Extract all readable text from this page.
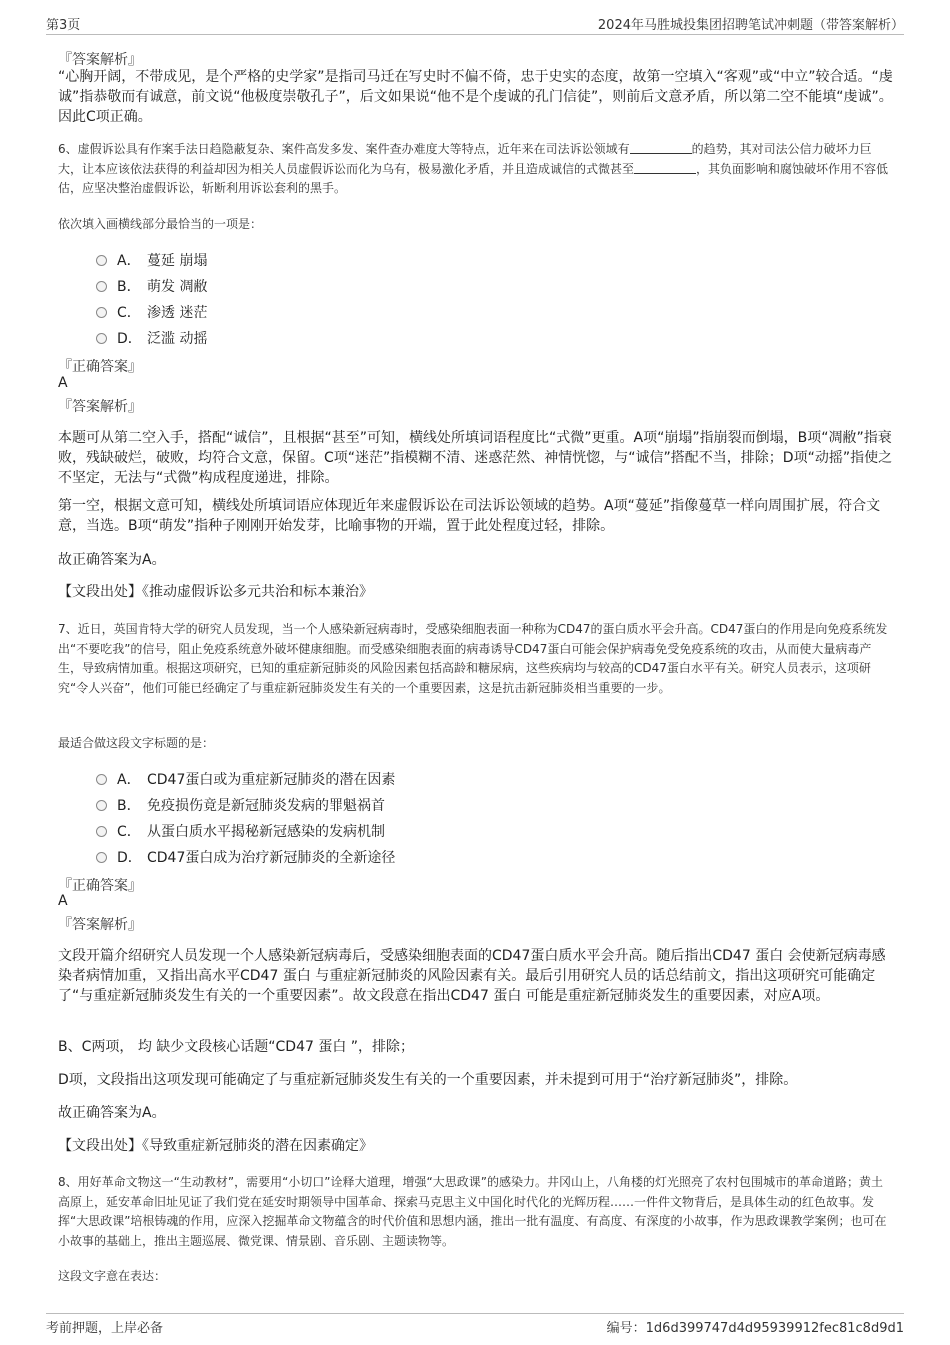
第3页	2024年马胜城投集团招聘笔试冲刺题（带答案解析）
『答案解析』
“心胸开阔，不带成见，是个严格的史学家”是指司马迁在写史时不偏不倚，忠于史实的态度，故第一空填入“客观”或“中立”较合适。“虔诚”指恭敬而有诚意，前文说“他极度崇敬孔子”，后文如果说“他不是个虔诚的孔门信徒”，则前后文意矛盾，所以第二空不能填“虔诚”。因此C项正确。
6、虚假诉讼具有作案手法日趋隐蔽复杂、案件高发多发、案件查办难度大等特点，近年来在司法诉讼领域有	的趋势，其对司法公信力破坏力巨大，让本应该依法获得的利益却因为相关人员虚假诉讼而化为乌有，极易激化矛盾，并且造成诚信的式微甚至	，其负面影响和腐蚀破坏作用不容低估，应坚决整治虚假诉讼，斩断利用诉讼套利的黑手。
依次填入画横线部分最恰当的一项是：
A． 蔓延 崩塌
B． 萌发 凋敝
C． 渗透 迷茫
D． 泛滥 动摇
『正确答案』
A
『答案解析』
本题可从第二空入手，搭配“诚信”，且根据“甚至”可知，横线处所填词语程度比“式微”更重。A项“崩塌”指崩裂而倒塌，B项“凋敝”指衰败，残缺破烂，破败，均符合文意，保留。C项“迷茫”指模糊不清、迷惑茫然、神情恍惚，与“诚信”搭配不当，排除；D项“动摇”指使之不坚定，无法与“式微”构成程度递进，排除。
第一空，根据文意可知，横线处所填词语应体现近年来虚假诉讼在司法诉讼领域的趋势。A项“蔓延”指像蔓草一样向周围扩展，符合文意，当选。B项“萌发”指种子刚刚开始发芽，比喻事物的开端，置于此处程度过轻，排除。
故正确答案为A。
【文段出处】《推动虚假诉讼多元共治和标本兼治》
7、近日，英国肯特大学的研究人员发现，当一个人感染新冠病毒时，受感染细胞表面一种称为CD47的蛋白质水平会升高。CD47蛋白的作用是向免疫系统发出“不要吃我”的信号，阻止免疫系统意外破坏健康细胞。而受感染细胞表面的病毒诱导CD47蛋白可能会保护病毒免受免疫系统的攻击，从而使大量病毒产生，导致病情加重。根据这项研究，已知的重症新冠肺炎的风险因素包括高龄和糖尿病，这些疾病均与较高的CD47蛋白水平有关。研究人员表示，这项研究“令人兴奋”，他们可能已经确定了与重症新冠肺炎发生有关的一个重要因素，这是抗击新冠肺炎相当重要的一步。
最适合做这段文字标题的是：
A． CD47蛋白或为重症新冠肺炎的潜在因素
B． 免疫损伤竟是新冠肺炎发病的罪魁祸首
C． 从蛋白质水平揭秘新冠感染的发病机制
D． CD47蛋白成为治疗新冠肺炎的全新途径
『正确答案』
A
『答案解析』
文段开篇介绍研究人员发现一个人感染新冠病毒后，受感染细胞表面的CD47蛋白质水平会升高。随后指出CD47 蛋白 会使新冠病毒感染者病情加重，又指出高水平CD47 蛋白 与重症新冠肺炎的风险因素有关。最后引用研究人员的话总结前文，指出这项研究可能确定了“与重症新冠肺炎发生有关的一个重要因素”。故文段意在指出CD47 蛋白 可能是重症新冠肺炎发生的重要因素，对应A项。
B、C两项， 均 缺少文段核心话题“CD47 蛋白 ”，排除；
D项，文段指出这项发现可能确定了与重症新冠肺炎发生有关的一个重要因素，并未提到可用于“治疗新冠肺炎”，排除。
故正确答案为A。
【文段出处】《导致重症新冠肺炎的潜在因素确定》
8、用好革命文物这一“生动教材”，需要用“小切口”诠释大道理，增强“大思政课”的感染力。井冈山上，八角楼的灯光照亮了农村包围城市的革命道路；黄土高原上，延安革命旧址见证了我们党在延安时期领导中国革命、探索马克思主义中国化时代化的光辉历程……一件件文物背后，是具体生动的红色故事。发挥“大思政课”培根铸魂的作用，应深入挖掘革命文物蕴含的时代价值和思想内涵，推出一批有温度、有高度、有深度的小故事，作为思政课教学案例；也可在小故事的基础上，推出主题巡展、微党课、情景剧、音乐剧、主题读物等。
这段文字意在表达：
考前押题，上岸必备	编号：1d6d399747d4d95939912fec81c8d9d1
